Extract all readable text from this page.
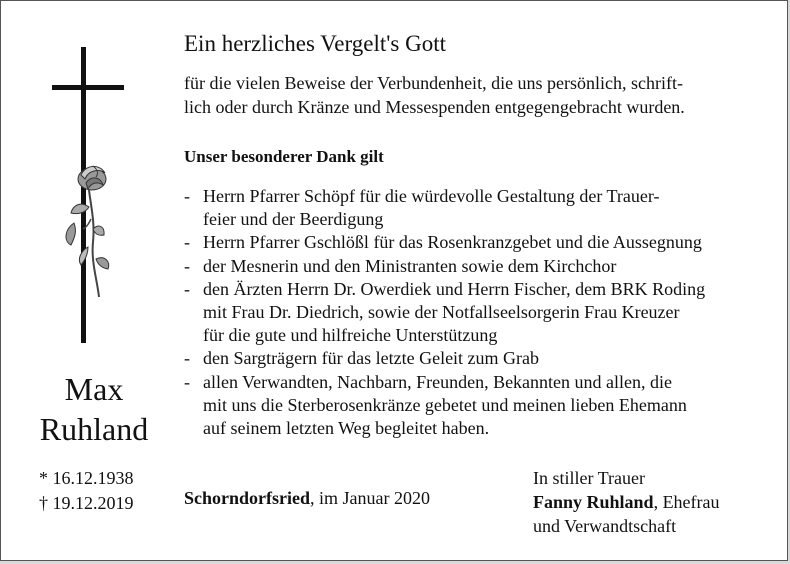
Ein herzliches Vergelt's Gott
für die vielen Beweise der Verbundenheit, die uns persönlich, schrift-
lich oder durch Kränze und Messespenden entgegengebracht wurden.
Unser besonderer Dank gilt
- Herrn Pfarrer Schöpf für die würdevolle Gestaltung der Trauer-
feier und der Beerdigung
- Herrn Pfarrer Gschlößl für das Rosenkranzgebet und die Aussegnung
- der Mesnerin und den Ministranten sowie dem Kirchchor
- den Ärzten Herrn Dr. Owerdiek und Herrn Fischer, dem BRK Roding
mit Frau Dr. Diedrich, sowie der Notfallseelsorgerin Frau Kreuzer
für die gute und hilfreiche Unterstützung
- den Sargträgern für das letzte Geleit zum Grab
- allen Verwandten, Nachbarn, Freunden, Bekannten und allen, die
mit uns die Sterberosenkränze gebetet und meinen lieben Ehemann
auf seinem letzten Weg begleitet haben.
Max
Ruhland
* 16.12.1938
† 19.12.2019	Schorndorfsried, im Januar 2020
In stiller Trauer
Fanny Ruhland, Ehefrau
und Verwandtschaft
